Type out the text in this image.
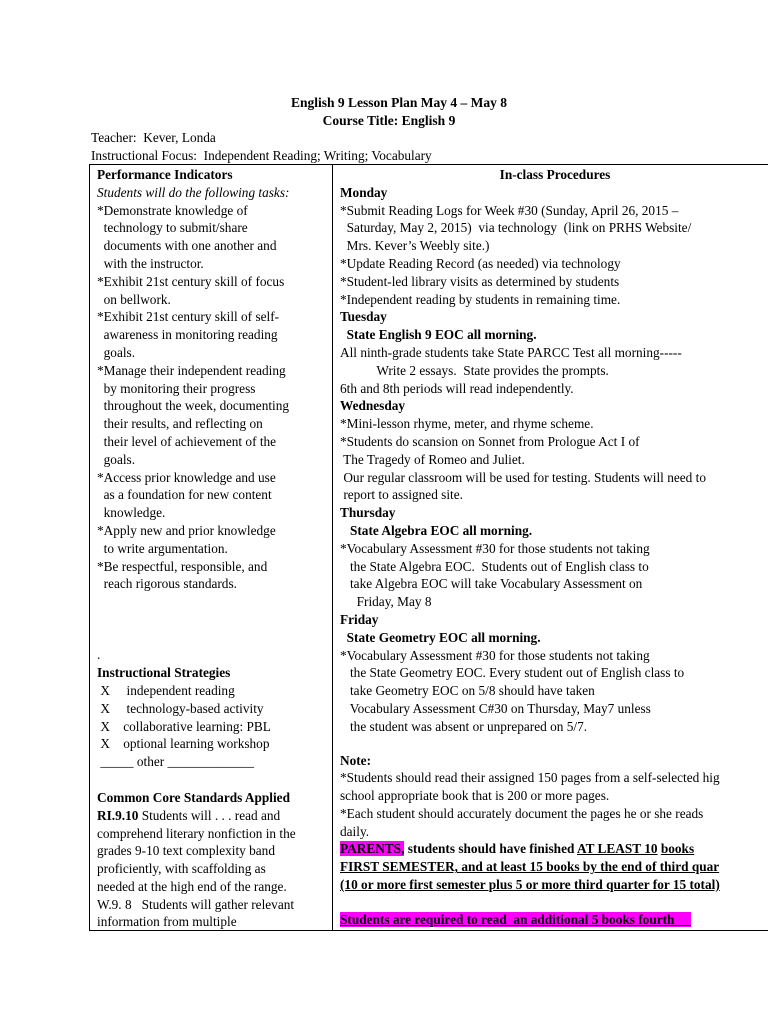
English 9 Lesson Plan May 4 – May 8
Course Title: English 9
Teacher:  Kever, Londa
Instructional Focus:  Independent Reading; Writing; Vocabulary
Performance Indicators
Students will do the following tasks:
*Demonstrate knowledge of
technology to submit/share
documents with one another and
with the instructor.
*Exhibit 21st century skill of focus
on bellwork.
*Exhibit 21st century skill of self-
awareness in monitoring reading
goals.
*Manage their independent reading
by monitoring their progress
throughout the week, documenting
their results, and reflecting on
their level of achievement of the
goals.
*Access prior knowledge and use
as a foundation for new content
knowledge.
*Apply new and prior knowledge
to write argumentation.
*Be respectful, responsible, and
reach rigorous standards.
.
Instructional Strategies
X     independent reading
X     technology-based activity
X    collaborative learning: PBL
X    optional learning workshop
_____ other _____________
Common Core Standards Applied
RI.9.10 Students will . . . read and
comprehend literary nonfiction in the
grades 9-10 text complexity band
proficiently, with scaffolding as
needed at the high end of the range.
W.9. 8   Students will gather relevant
information from multiple
In-class Procedures
Monday
*Submit Reading Logs for Week #30 (Sunday, April 26, 2015 –
Saturday, May 2, 2015)  via technology  (link on PRHS Website/
Mrs. Kever’s Weebly site.)
*Update Reading Record (as needed) via technology
*Student-led library visits as determined by students
*Independent reading by students in remaining time.
Tuesday
State English 9 EOC all morning.
All ninth-grade students take State PARCC Test all morning-----
Write 2 essays.  State provides the prompts.
6th and 8th periods will read independently.
Wednesday
*Mini-lesson rhyme, meter, and rhyme scheme.
*Students do scansion on Sonnet from Prologue Act I of
The Tragedy of Romeo and Juliet.
Our regular classroom will be used for testing. Students will need to
report to assigned site.
Thursday
State Algebra EOC all morning.
*Vocabulary Assessment #30 for those students not taking
the State Algebra EOC.  Students out of English class to
take Algebra EOC will take Vocabulary Assessment on
Friday, May 8
Friday
State Geometry EOC all morning.
*Vocabulary Assessment #30 for those students not taking
the State Geometry EOC. Every student out of English class to
take Geometry EOC on 5/8 should have taken
Vocabulary Assessment C#30 on Thursday, May7 unless
the student was absent or unprepared on 5/7.
Note:
*Students should read their assigned 150 pages from a self-selected hig
school appropriate book that is 200 or more pages.
*Each student should accurately document the pages he or she reads
daily.
PARENTS, students should have finished AT LEAST 10 books
FIRST SEMESTER, and at least 15 books by the end of third quar
(10 or more first semester plus 5 or more third quarter for 15 total)
Students are required to read  an additional 5 books fourth
